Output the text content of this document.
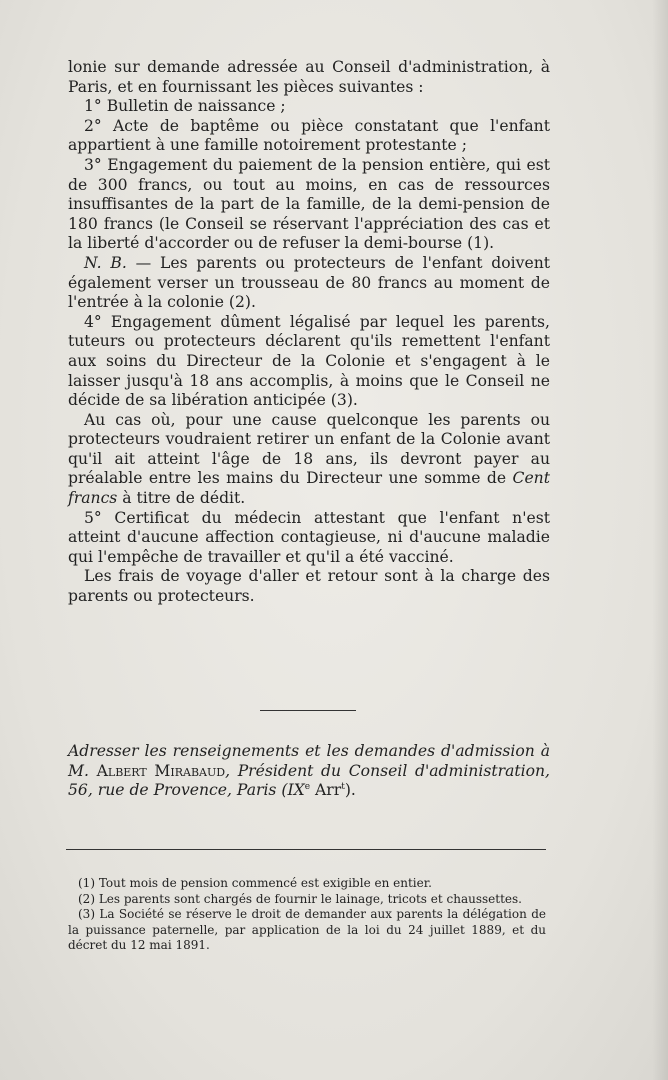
lonie sur demande adressée au Conseil d'administration, à Paris, et en fournissant les pièces suivantes :

1° Bulletin de naissance ;

2° Acte de baptême ou pièce constatant que l'enfant appartient à une famille notoirement protestante ;

3° Engagement du paiement de la pension entière, qui est de 300 francs, ou tout au moins, en cas de ressources insuffisantes de la part de la famille, de la demi-pension de 180 francs (le Conseil se réservant l'appréciation des cas et la liberté d'accorder ou de refuser la demi-bourse (1).

N. B. — Les parents ou protecteurs de l'enfant doivent également verser un trousseau de 80 francs au moment de l'entrée à la colonie (2).

4° Engagement dûment légalisé par lequel les parents, tuteurs ou protecteurs déclarent qu'ils remettent l'enfant aux soins du Directeur de la Colonie et s'engagent à le laisser jusqu'à 18 ans accomplis, à moins que le Conseil ne décide de sa libération anticipée (3).

Au cas où, pour une cause quelconque les parents ou protecteurs voudraient retirer un enfant de la Colonie avant qu'il ait atteint l'âge de 18 ans, ils devront payer au préalable entre les mains du Directeur une somme de Cent francs à titre de dédit.

5° Certificat du médecin attestant que l'enfant n'est atteint d'aucune affection contagieuse, ni d'aucune maladie qui l'empêche de travailler et qu'il a été vacciné.

Les frais de voyage d'aller et retour sont à la charge des parents ou protecteurs.

Adresser les renseignements et les demandes d'admission à M. Albert Mirabaud, Président du Conseil d'administration, 56, rue de Provence, Paris (IXe Arr$^t$).

(1) Tout mois de pension commencé est exigible en entier.

(2) Les parents sont chargés de fournir le lainage, tricots et chaussettes.

(3) La Société se réserve le droit de demander aux parents la délégation de la puissance paternelle, par application de la loi du 24 juillet 1889, et du décret du 12 mai 1891.
